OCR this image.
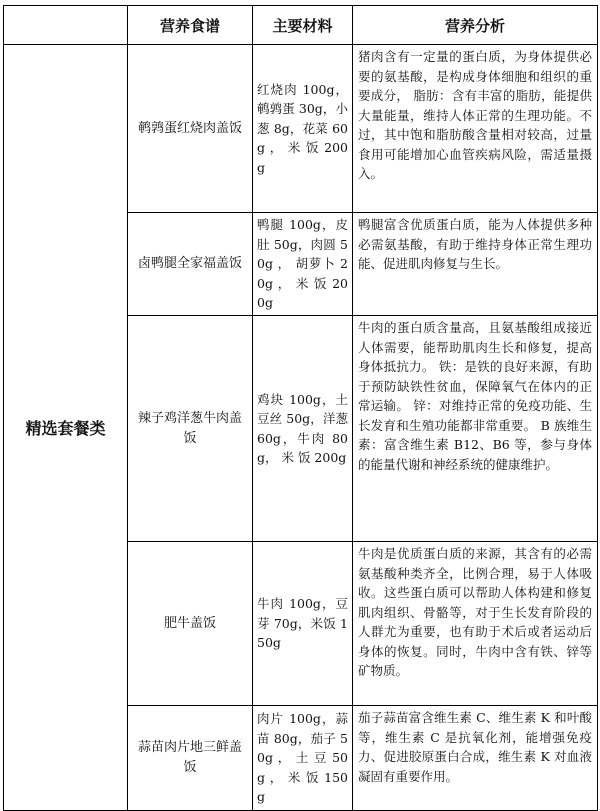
	营养食谱	主要材料	营养分析
精选套餐类	鹌鹑蛋红烧肉盖饭	红烧肉 100g，鹌鹑蛋 30g，小葱 8g，花菜 60g ， 米 饭 200g	猪肉含有一定量的蛋白质，为身体提供必要的氨基酸，是构成身体细胞和组织的重要成分， 脂肪：含有丰富的脂肪，能提供大量能量，维持人体正常的生理功能。不过，其中饱和脂肪酸含量相对较高，过量食用可能增加心血管疾病风险，需适量摄入。
	卤鸭腿全家福盖饭	鸭腿 100g，皮肚 50g，肉圆 50g ， 胡萝卜 20g ， 米 饭 200g	鸭腿富含优质蛋白质，能为人体提供多种必需氨基酸，有助于维持身体正常生理功能、促进肌肉修复与生长。
	辣子鸡洋葱牛肉盖饭	鸡块 100g，土豆丝 50g，洋葱 60g，牛肉 80g， 米 饭 200g	牛肉的蛋白质含量高，且氨基酸组成接近人体需要，能帮助肌肉生长和修复，提高身体抵抗力。 铁：是铁的良好来源，有助于预防缺铁性贫血，保障氧气在体内的正常运输。 锌：对维持正常的免疫功能、生长发育和生殖功能都非常重要。 B 族维生素：富含维生素 B12、B6 等，参与身体的能量代谢和神经系统的健康维护。
	肥牛盖饭	牛肉 100g，豆芽 70g，米饭 150g	牛肉是优质蛋白质的来源，其含有的必需氨基酸种类齐全，比例合理，易于人体吸收。这些蛋白质可以帮助人体构建和修复肌肉组织、骨骼等，对于生长发育阶段的人群尤为重要，也有助于术后或者运动后身体的恢复。同时，牛肉中含有铁、锌等矿物质。
	蒜苗肉片地三鲜盖饭	肉片 100g，蒜苗 80g，茄子 50g ， 土 豆 50g ， 米 饭 150g	茄子蒜苗富含维生素 C、维生素 K 和叶酸等，维生素 C 是抗氧化剂，能增强免疫力、促进胶原蛋白合成，维生素 K 对血液凝固有重要作用。
